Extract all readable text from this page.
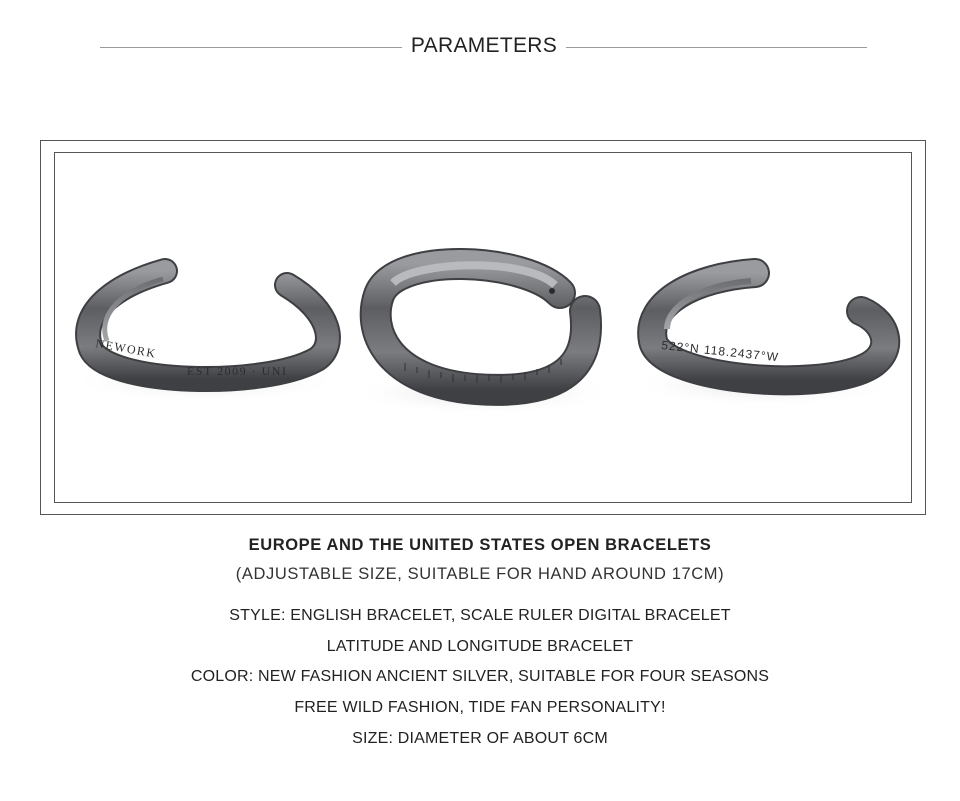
PARAMETERS
NEWORK
EST 2009 · UNI
522°N 118.2437°W
EUROPE AND THE UNITED STATES OPEN BRACELETS
(ADJUSTABLE SIZE, SUITABLE FOR HAND AROUND 17CM)
STYLE: ENGLISH BRACELET, SCALE RULER DIGITAL BRACELET
LATITUDE AND LONGITUDE BRACELET
COLOR: NEW FASHION ANCIENT SILVER, SUITABLE FOR FOUR SEASONS
FREE WILD FASHION, TIDE FAN PERSONALITY!
SIZE: DIAMETER OF ABOUT 6CM
